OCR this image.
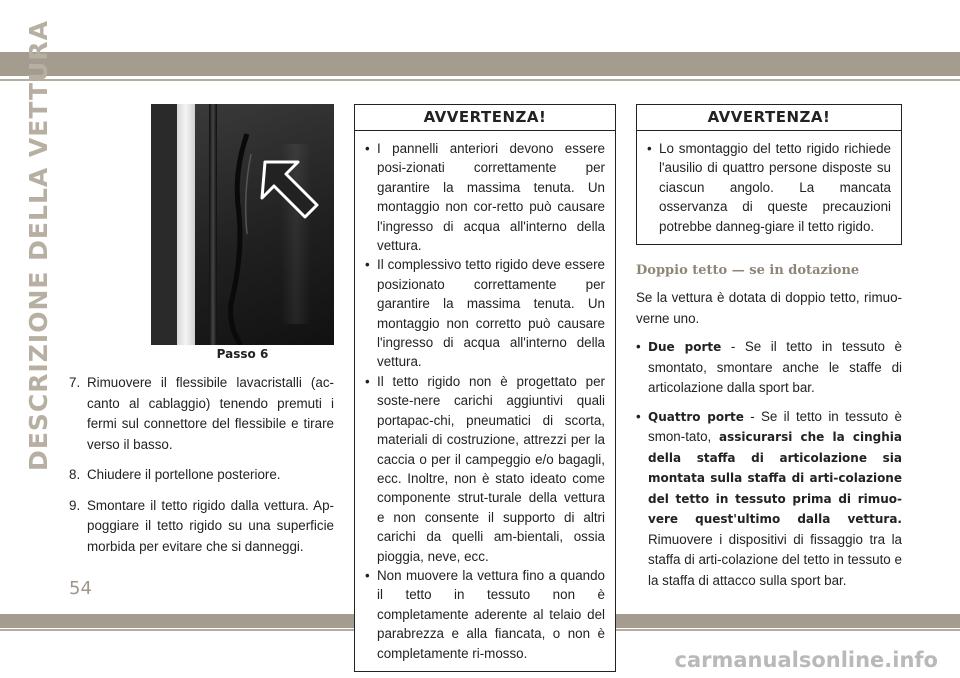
DESCRIZIONE DELLA VETTURA	Passo 6
7. Rimuovere il flessibile lavacristalli (ac-canto al cablaggio) tenendo premuti i fermi sul connettore del flessibile e tirare verso il basso.
8. Chiudere il portellone posteriore.
9. Smontare il tetto rigido dalla vettura. Ap-poggiare il tetto rigido su una superficie morbida per evitare che si danneggi.
AVVERTENZA!
• I pannelli anteriori devono essere posi-zionati correttamente per garantire la massima tenuta. Un montaggio non cor-retto può causare l'ingresso di acqua all'interno della vettura.
• Il complessivo tetto rigido deve essere posizionato correttamente per garantire la massima tenuta. Un montaggio non corretto può causare l'ingresso di acqua all'interno della vettura.
• Il tetto rigido non è progettato per soste-nere carichi aggiuntivi quali portapac-chi, pneumatici di scorta, materiali di costruzione, attrezzi per la caccia o per il campeggio e/o bagagli, ecc. Inoltre, non è stato ideato come componente strut-turale della vettura e non consente il supporto di altri carichi da quelli am-bientali, ossia pioggia, neve, ecc.
• Non muovere la vettura fino a quando il tetto in tessuto non è completamente aderente al telaio del parabrezza e alla fiancata, o non è completamente ri-mosso.
AVVERTENZA!
• Lo smontaggio del tetto rigido richiede l'ausilio di quattro persone disposte su ciascun angolo. La mancata osservanza di queste precauzioni potrebbe danneg-giare il tetto rigido.
Doppio tetto — se in dotazione

Se la vettura è dotata di doppio tetto, rimuo-verne uno.

• Due porte - Se il tetto in tessuto è smontato, smontare anche le staffe di articolazione dalla sport bar.
• Quattro porte - Se il tetto in tessuto è smon-tato, assicurarsi che la cinghia della staffa di articolazione sia montata sulla staffa di arti-colazione del tetto in tessuto prima di rimuo-vere quest'ultimo dalla vettura. Rimuovere i dispositivi di fissaggio tra la staffa di arti-colazione del tetto in tessuto e la staffa di attacco sulla sport bar.
54
carmanualsonline.info
